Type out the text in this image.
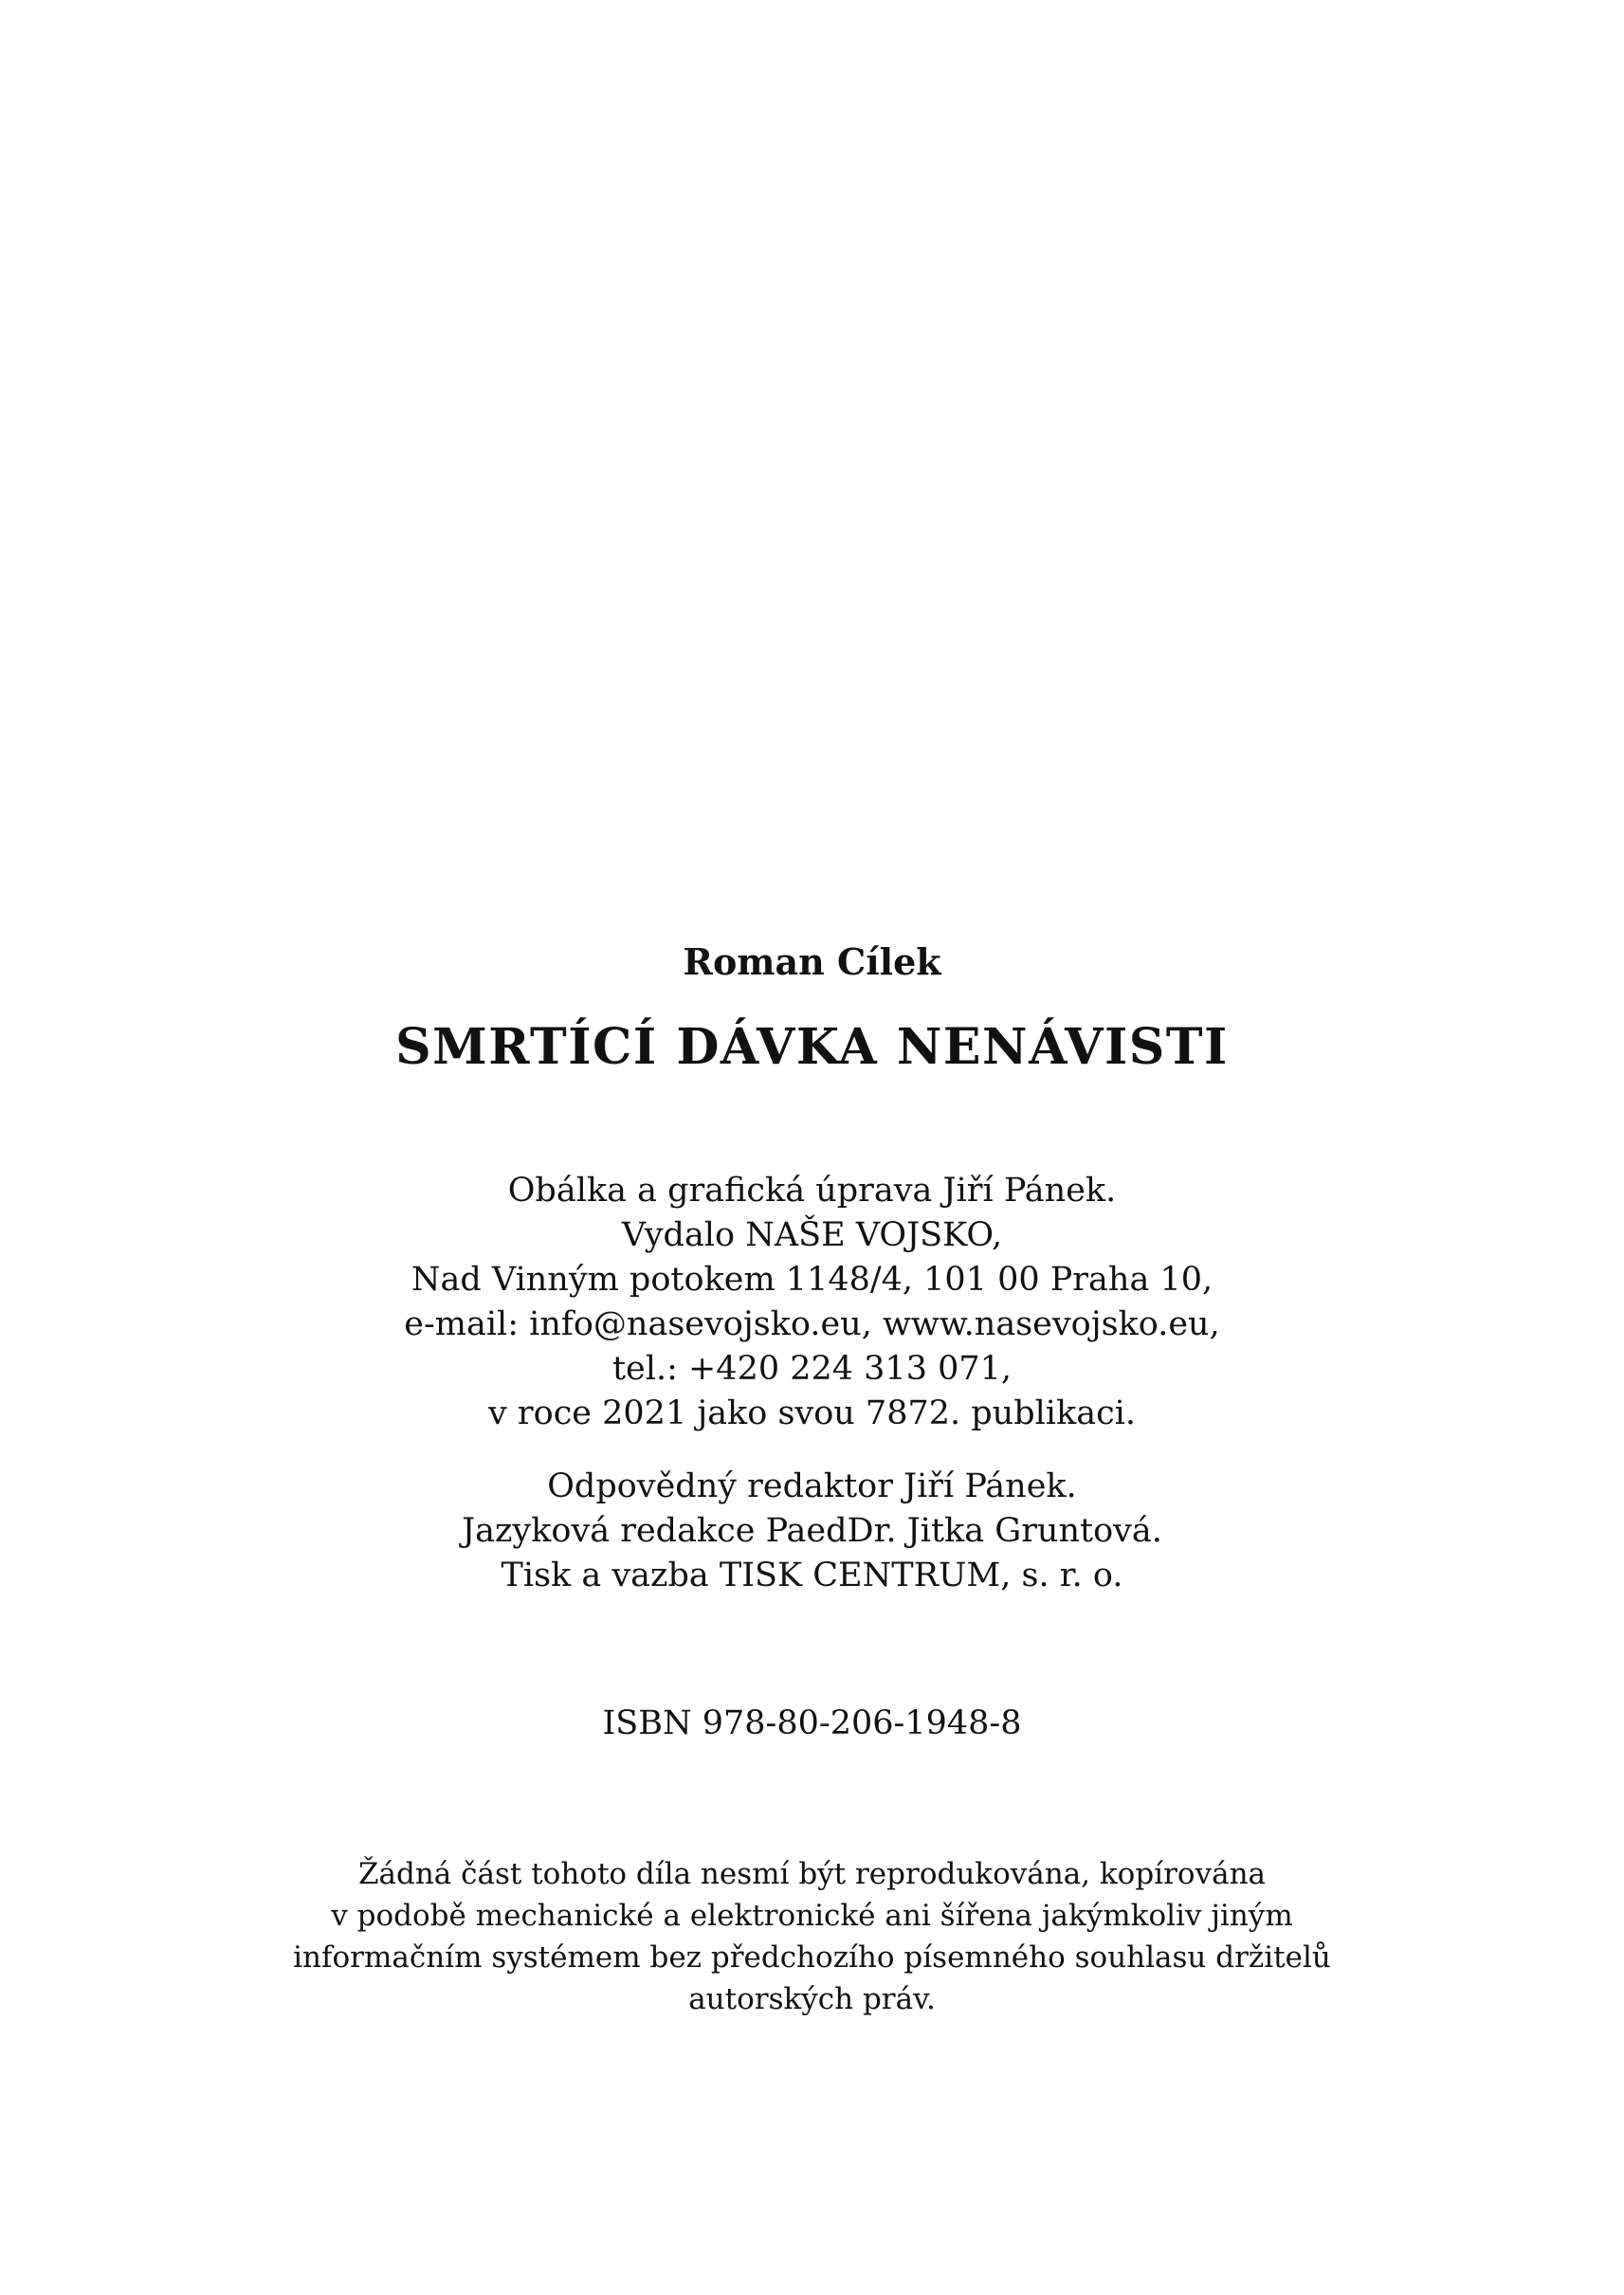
Roman Cílek
SMRTÍCÍ DÁVKA NENÁVISTI
Obálka a grafická úprava Jiří Pánek.
Vydalo NAŠE VOJSKO,
Nad Vinným potokem 1148/4, 101 00 Praha 10,
e-mail: info@nasevojsko.eu, www.nasevojsko.eu,
tel.: +420 224 313 071,
v roce 2021 jako svou 7872. publikaci.
Odpovědný redaktor Jiří Pánek.
Jazyková redakce PaedDr. Jitka Gruntová.
Tisk a vazba TISK CENTRUM, s. r. o.
ISBN 978-80-206-1948-8
Žádná část tohoto díla nesmí být reprodukována, kopírována
v podobě mechanické a elektronické ani šířena jakýmkoliv jiným
informačním systémem bez předchozího písemného souhlasu držitelů
autorských práv.
